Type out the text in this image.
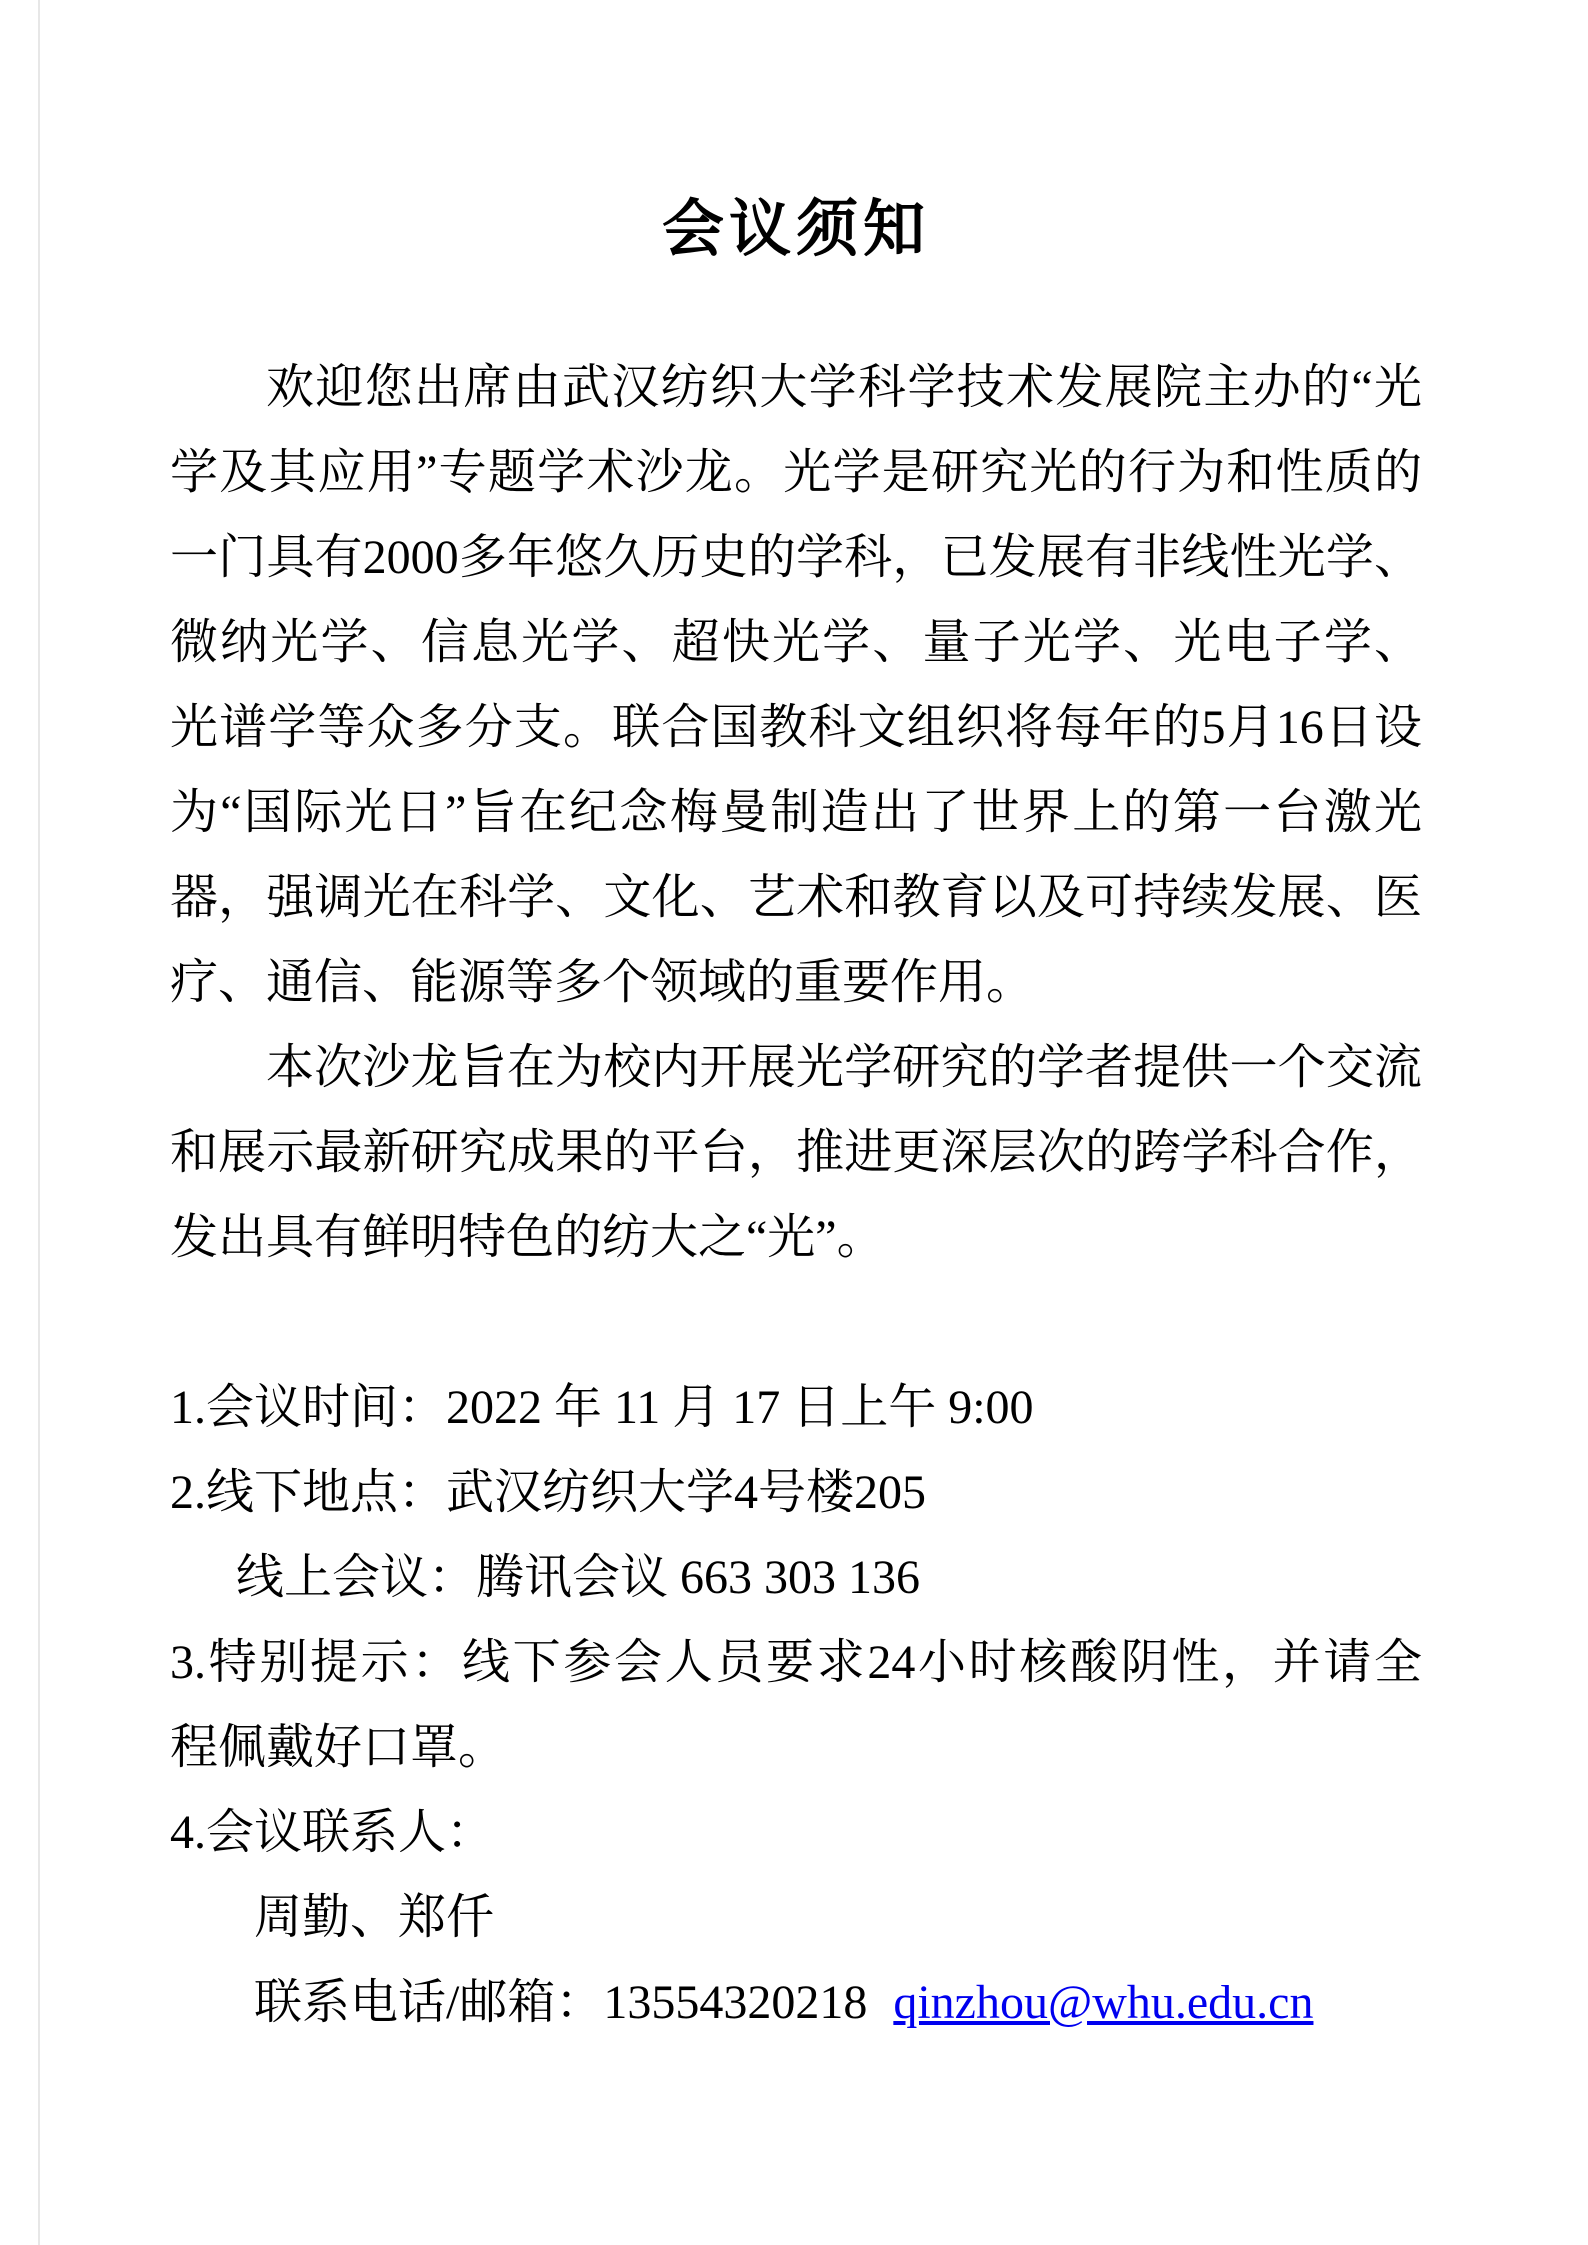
会议须知
欢迎您出席由武汉纺织大学科学技术发展院主办的“光
学及其应用”专题学术沙龙。光学是研究光的行为和性质的
一门具有2000多年悠久历史的学科，已发展有非线性光学、
微纳光学、信息光学、超快光学、量子光学、光电子学、
光谱学等众多分支。联合国教科文组织将每年的5月16日设
为“国际光日”旨在纪念梅曼制造出了世界上的第一台激光
器，强调光在科学、文化、艺术和教育以及可持续发展、医
疗、通信、能源等多个领域的重要作用。
本次沙龙旨在为校内开展光学研究的学者提供一个交流
和展示最新研究成果的平台，推进更深层次的跨学科合作，
发出具有鲜明特色的纺大之“光”。
1.会议时间：2022 年 11 月 17 日上午 9:00
2.线下地点：武汉纺织大学4号楼205
线上会议：腾讯会议 663 303 136
3.特别提示：线下参会人员要求24小时核酸阴性，并请全
程佩戴好口罩。
4.会议联系人：
周勤、郑仟
联系电话/邮箱：13554320218 qinzhou@whu.edu.cn
